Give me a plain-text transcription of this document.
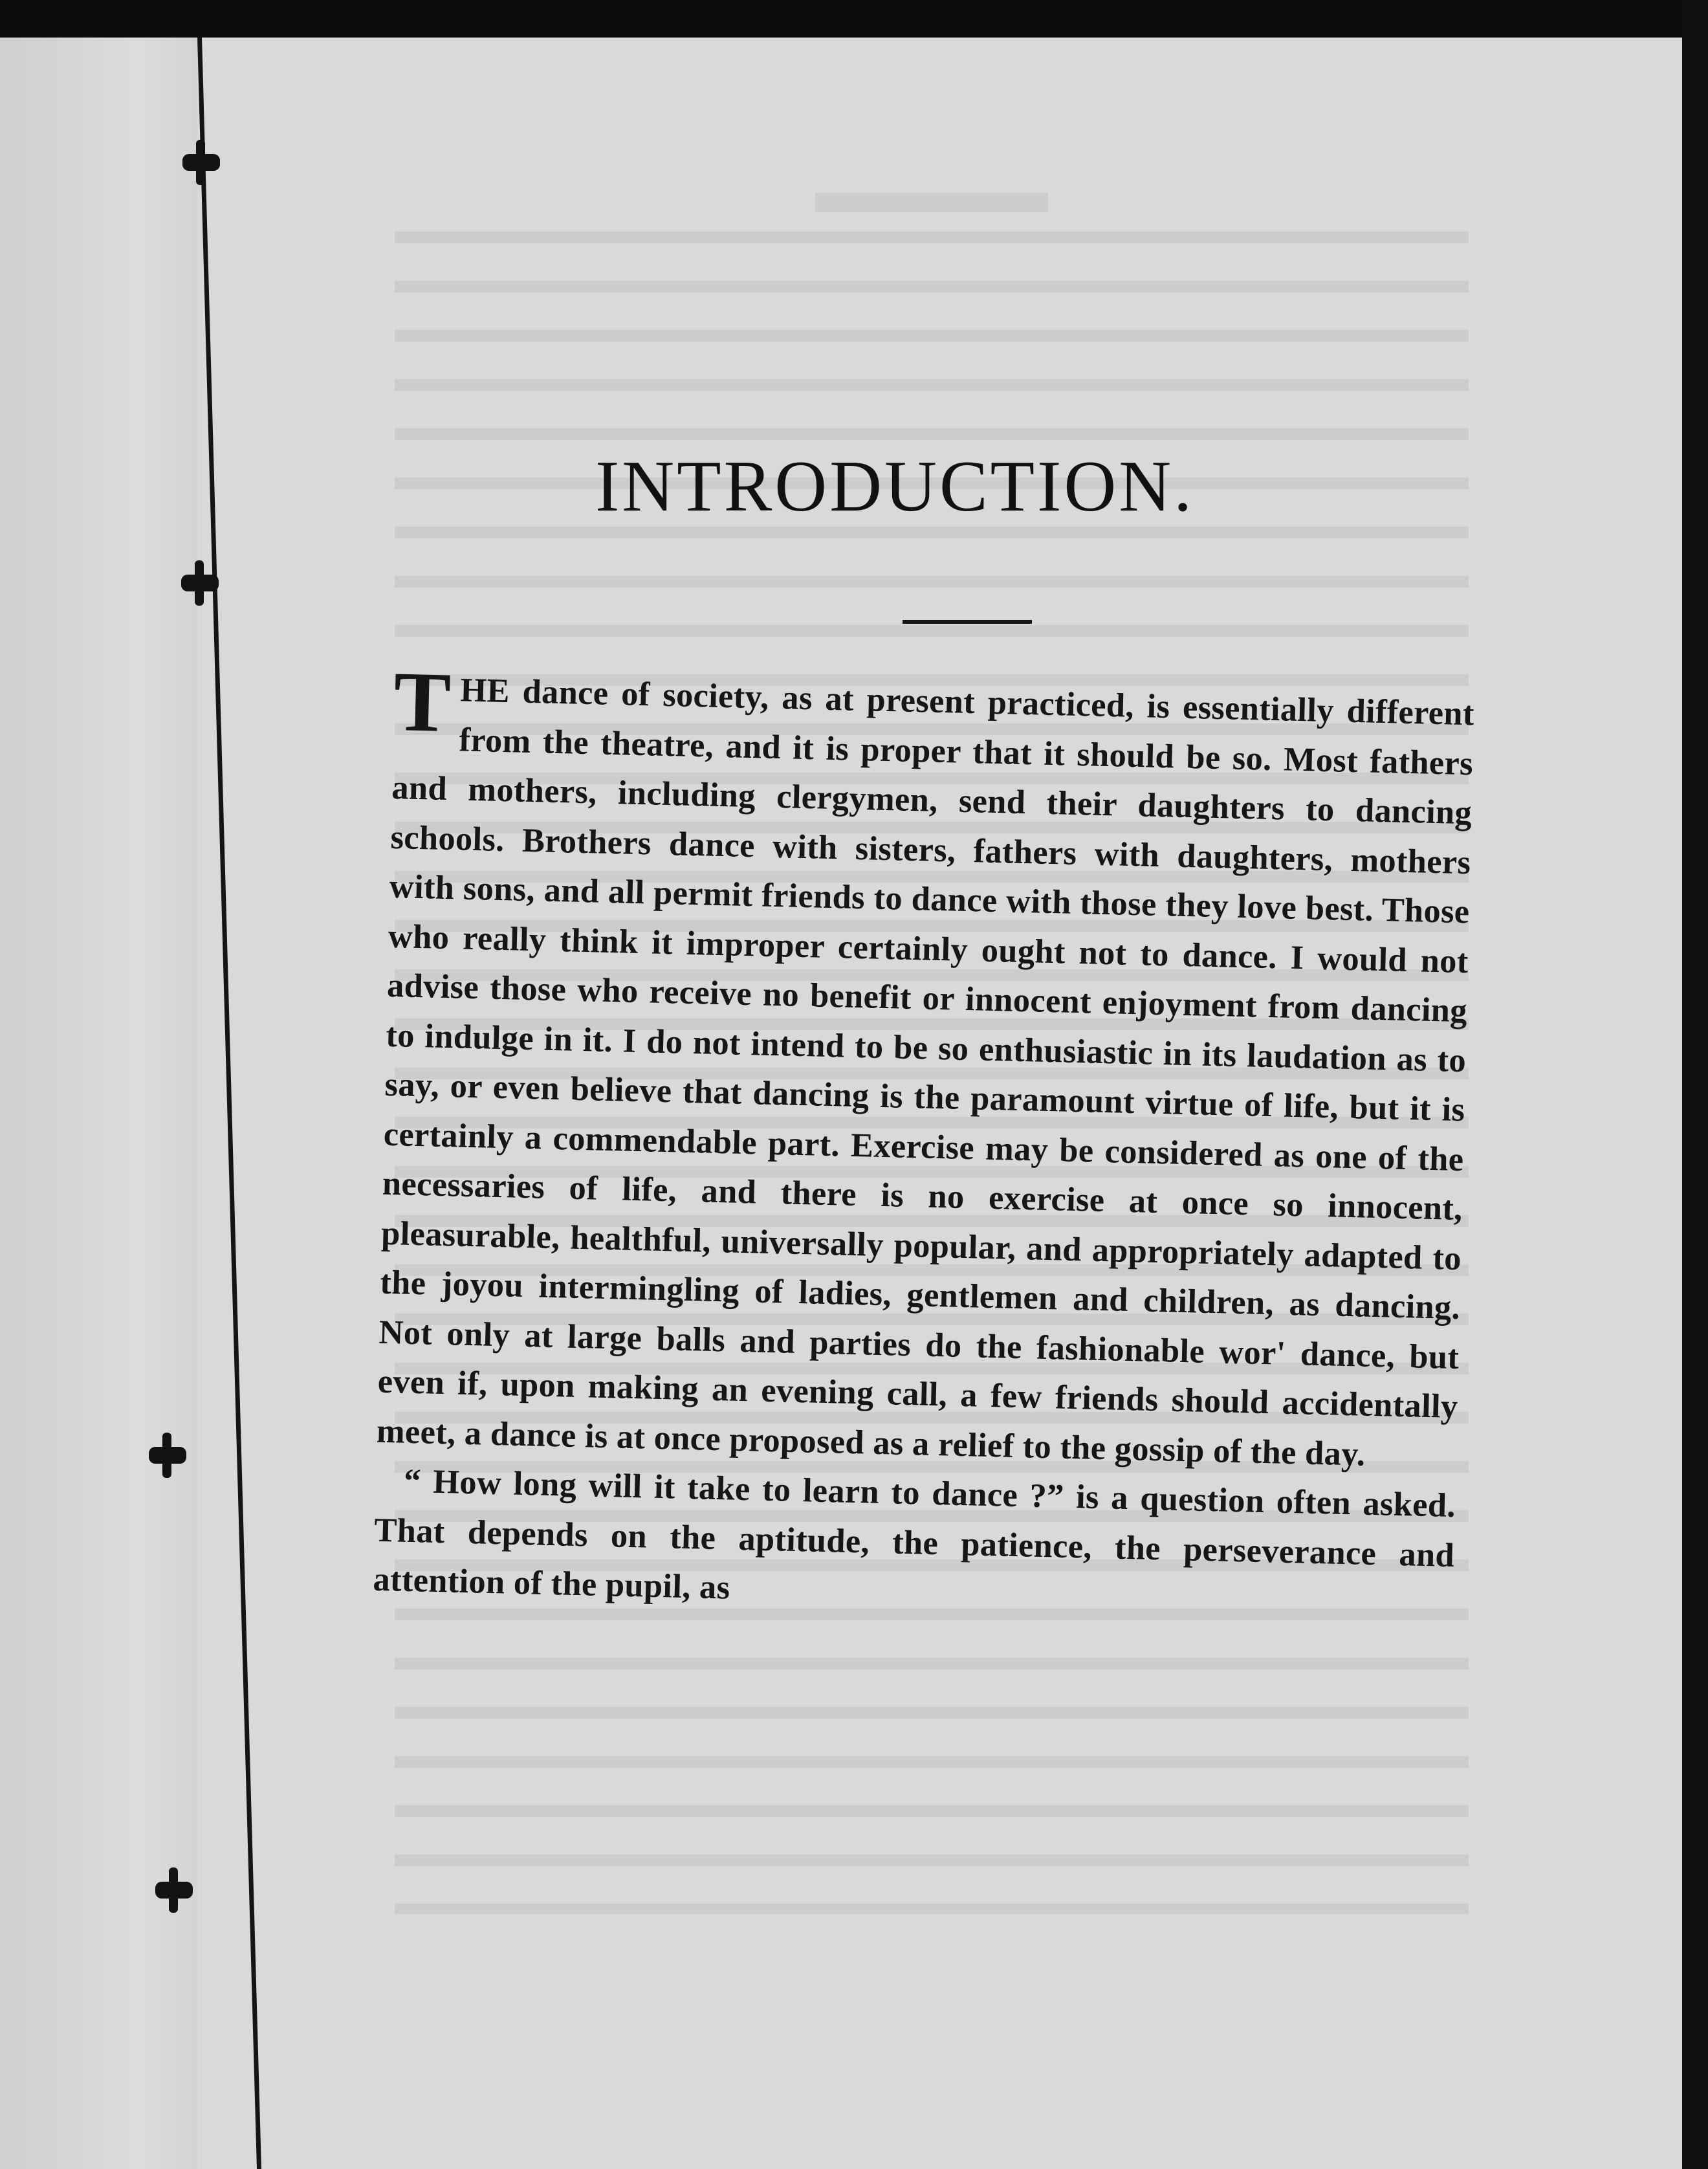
INTRODUCTION.

THE dance of society, as at present practiced, is essentially different from the theatre, and it is proper that it should be so. Most fathers and mothers, including clergymen, send their daughters to dancing schools. Brothers dance with sisters, fathers with daughters, mothers with sons, and all permit friends to dance with those they love best. Those who really think it improper certainly ought not to dance. I would not advise those who receive no benefit or innocent enjoyment from dancing to indulge in it. I do not intend to be so enthusiastic in its laudation as to say, or even believe that dancing is the paramount virtue of life, but it is certainly a commendable part. Exercise may be considered as one of the necessaries of life, and there is no exercise at once so innocent, pleasurable, healthful, universally popular, and appropriately adapted to the joyou intermingling of ladies, gentlemen and children, as dancing. Not only at large balls and parties do the fashionable wor' dance, but even if, upon making an evening call, a few friends should accidentally meet, a dance is at once proposed as a relief to the gossip of the day.

“ How long will it take to learn to dance ?” is a question often asked. That depends on the aptitude, the patience, the perseverance and attention of the pupil, as
